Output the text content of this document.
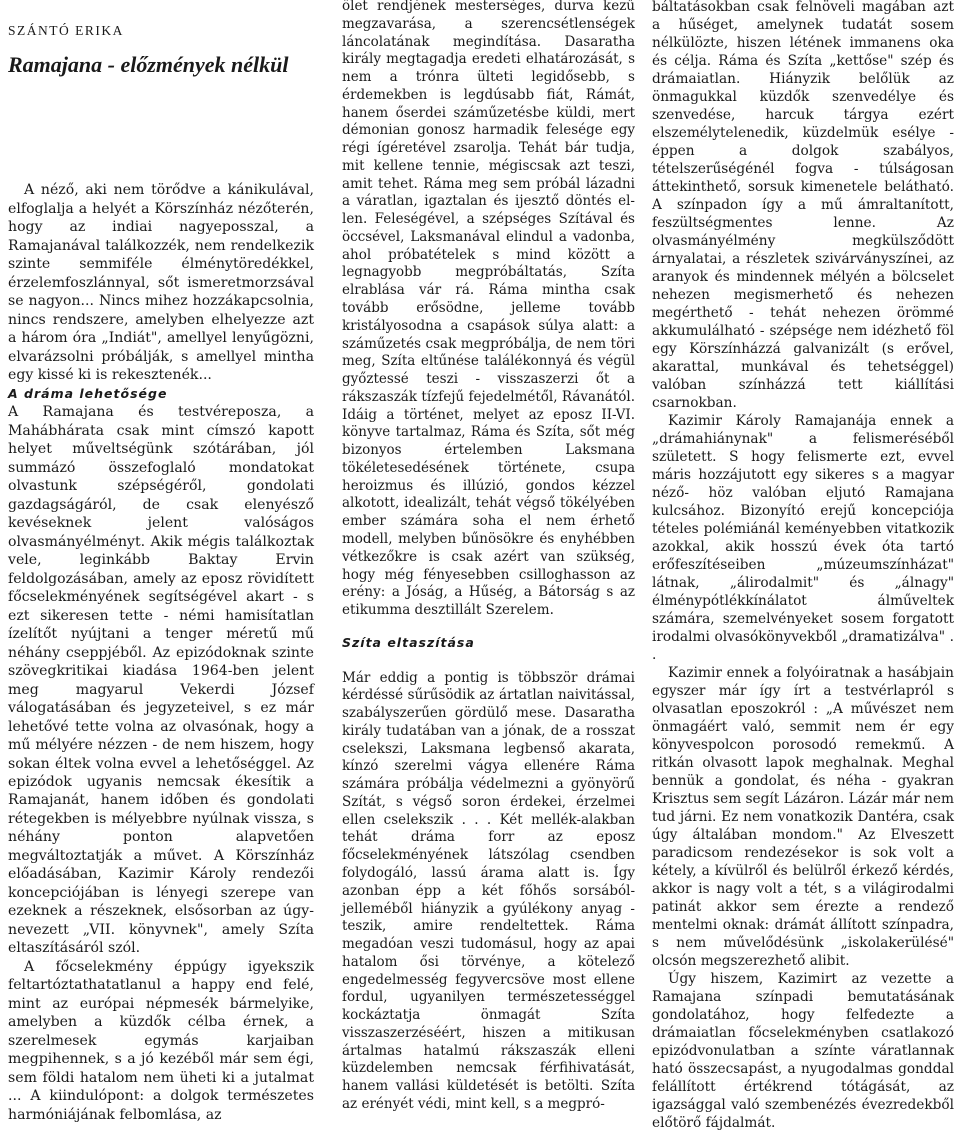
SZÁNTÓ ERIKA
Ramajana - előzmények nélkül

A néző, aki nem törődve a kánikulával, elfoglalja a helyét a Körszínház nézőterén, hogy az indiai nagyeposszal, a Ramajanával találkozzék, nem rendelkezik szinte semmiféle élménytöredékkel, érzelemfoszlánnyal, sőt ismeretmorzsával se nagyon... Nincs mihez hozzákapcsolnia, nincs rendszere, amelyben elhelyezze azt a három óra „Indiát", amellyel lenyűgözni, elvarázsolni próbálják, s amellyel mintha egy kissé ki is rekesztenék...

A dráma lehetősége

A Ramajana és testvéreposza, a Mahábhárata csak mint címszó kapott helyet műveltségünk szótárában, jól summázó összefoglaló mondatokat olvastunk szépségéről, gondolati gazdagságáról, de csak elenyésző kevéseknek jelent valóságos olvasmányélményt. Akik mégis találkoztak vele, leginkább Baktay Ervin feldolgozásában, amely az eposz rövidített főcselekményének segítségével akart - s ezt sikeresen tette - némi hamisítatlan ízelítőt nyújtani a tenger méretű mű néhány cseppjéből. Az epizódoknak szinte szövegkritikai kiadása 1964-ben jelent meg magyarul Vekerdi József válogatásában és jegyzeteivel, s ez már lehetővé tette volna az olvasónak, hogy a mű mélyére nézzen - de nem hiszem, hogy sokan éltek volna evvel a lehetőséggel. Az epizódok ugyanis nemcsak ékesítik a Ramajanát, hanem időben és gondolati rétegekben is mélyebbre nyúlnak vissza, s néhány ponton alapvetően megváltoztatják a művet. A Körszínház előadásában, Kazimir Károly rendezői koncepciójában is lényegi szerepe van ezeknek a részeknek, elsősorban az úgy-nevezett „VII. könyvnek", amely Szíta eltaszításáról szól.

A főcselekmény éppúgy igyekszik feltartóztathatatlanul a happy end felé, mint az európai népmesék bármelyike, amelyben a küzdők célba érnek, a szerelmesek egymás karjaiban megpihennek, s a jó kezéből már sem égi, sem földi hatalom nem üheti ki a jutalmat ... A kiindulópont: a dolgok természetes harmóniájának felbomlása, az

ölet rendjének mesterséges, durva kezű megzavarása, a szerencsétlenségek láncolatának megindítása. Dasaratha király megtagadja eredeti elhatározását, s nem a trónra ülteti legidősebb, s érdemekben is legdúsabb fiát, Rámát, hanem őserdei száműzetésbe küldi, mert démonian gonosz harmadik felesége egy régi ígéretével zsarolja. Tehát bár tudja, mit kellene tennie, mégiscsak azt teszi, amit tehet. Ráma meg sem próbál lázadni a váratlan, igaztalan és ijesztő döntés el-len. Feleségével, a szépséges Szítával és öccsével, Laksmanával elindul a vadonba, ahol próbatételek s mind között a legnagyobb megpróbáltatás, Szíta elrablása vár rá. Ráma mintha csak tovább erősödne, jelleme tovább kristályosodna a csapások súlya alatt: a száműzetés csak megpróbálja, de nem töri meg, Szíta eltűnése találékonnyá és végül győztessé teszi - visszaszerzi őt a rákszaszák tízfejű fejedelmétől, Rávanától. Idáig a történet, melyet az eposz II-VI. könyve tartalmaz, Ráma és Szíta, sőt még bizonyos értelemben Laksmana tökéletesedésének története, csupa heroizmus és illúzió, gondos kézzel alkotott, idealizált, tehát végső tökélyében ember számára soha el nem érhető modell, melyben bűnösökre és enyhébben vétkezőkre is csak azért van szükség, hogy még fényesebben csilloghasson az erény: a Jóság, a Hűség, a Bátorság s az etikumma desztillált Szerelem.

Szíta eltaszítása

Már eddig a pontig is többször drámai kérdéssé sűrűsödik az ártatlan naivitással, szabályszerűen gördülő mese. Dasaratha király tudatában van a jónak, de a rosszat cselekszi, Laksmana legbenső akarata, kínzó szerelmi vágya ellenére Ráma számára próbálja védelmezni a gyönyörű Szítát, s végső soron érdekei, érzelmei ellen cselekszik . . . Két mellék-alakban tehát dráma forr az eposz főcselekményének látszólag csendben folydogáló, lassú árama alatt is. Így azonban épp a két főhős sorsából-jelleméből hiányzik a gyúlékony anyag - teszik, amire rendeltettek. Ráma megadóan veszi tudomásul, hogy az apai hatalom ősi törvénye, a kötelező engedelmesség fegyvercsöve most ellene fordul, ugyanilyen természetességgel kockáztatja önmagát Szíta visszaszerzéséért, hiszen a mitikusan ártalmas hatalmú rákszaszák elleni küzdelemben nemcsak férfihivatását, hanem vallási küldetését is betölti. Szíta az erényét védi, mint kell, s a megpró-

báltatásokban csak felnöveli magában azt a hűséget, amelynek tudatát sosem nélkülözte, hiszen létének immanens oka és célja. Ráma és Szíta „kettőse" szép és drámaiatlan. Hiányzik belőlük az önmagukkal küzdők szenvedélye és szenvedése, harcuk tárgya ezért elszemélytelenedik, küzdelmük esélye - éppen a dolgok szabályos, tételszerűségénél fogva - túlságosan áttekinthető, sorsuk kimenetele belátható. A színpadon így a mű ámraltanított, feszültségmentes lenne. Az olvasmányélmény megkülsződött árnyalatai, a részletek szivárványszínei, az aranyok és mindennek mélyén a bölcselet nehezen megismerhető és nehezen megérthető - tehát nehezen örömmé akkumulálható - szépsége nem idézhető föl egy Körszínházzá galvanizált (s erővel, akarattal, munkával és tehetséggel) valóban színházzá tett kiállítási csarnokban.

Kazimir Károly Ramajanája ennek a „drámahiánynak" a felismeréséből született. S hogy felismerte ezt, evvel máris hozzájutott egy sikeres s a magyar néző- höz valóban eljutó Ramajana kulcsához. Bizonyító erejű koncepciója tételes polémiánál keményebben vitatkozik azokkal, akik hosszú évek óta tartó erőfeszítéseiben „múzeumszínházat" látnak, „álirodalmit" és „álnagy" élménypótlékkínálatot álműveltek számára, szemelvényeket sosem forgatott irodalmi olvasókönyvekből „dramatizálva" . .

Kazimir ennek a folyóiratnak a hasábjain egyszer már így írt a testvérlapról s olvasatlan eposzokról : „A művészet nem önmagáért való, semmit nem ér egy könyvespolcon porosodó remekmű. A ritkán olvasott lapok meghalnak. Meghal bennük a gondolat, és néha - gyakran Krisztus sem segít Lázáron. Lázár már nem tud járni. Ez nem vonatkozik Dantéra, csak úgy általában mondom." Az Elveszett paradicsom rendezésekor is sok volt a kétely, a kívülről és belülről érkező kérdés, akkor is nagy volt a tét, s a világirodalmi patinát akkor sem érezte a rendező mentelmi oknak: drámát állított színpadra, s nem művelődésünk „iskolakerülésé" olcsón megszerezhető alibit.

Úgy hiszem, Kazimirt az vezette a Ramajana színpadi bemutatásának gondolatához, hogy felfedezte a drámaiatlan főcselekményben csatlakozó epizódvonulatban a színte váratlannak ható összecsapást, a nyugodalmas gonddal felállított értékrend tótágását, az igazsággal való szembenézés évezredekből előtörő fájdalmát.
